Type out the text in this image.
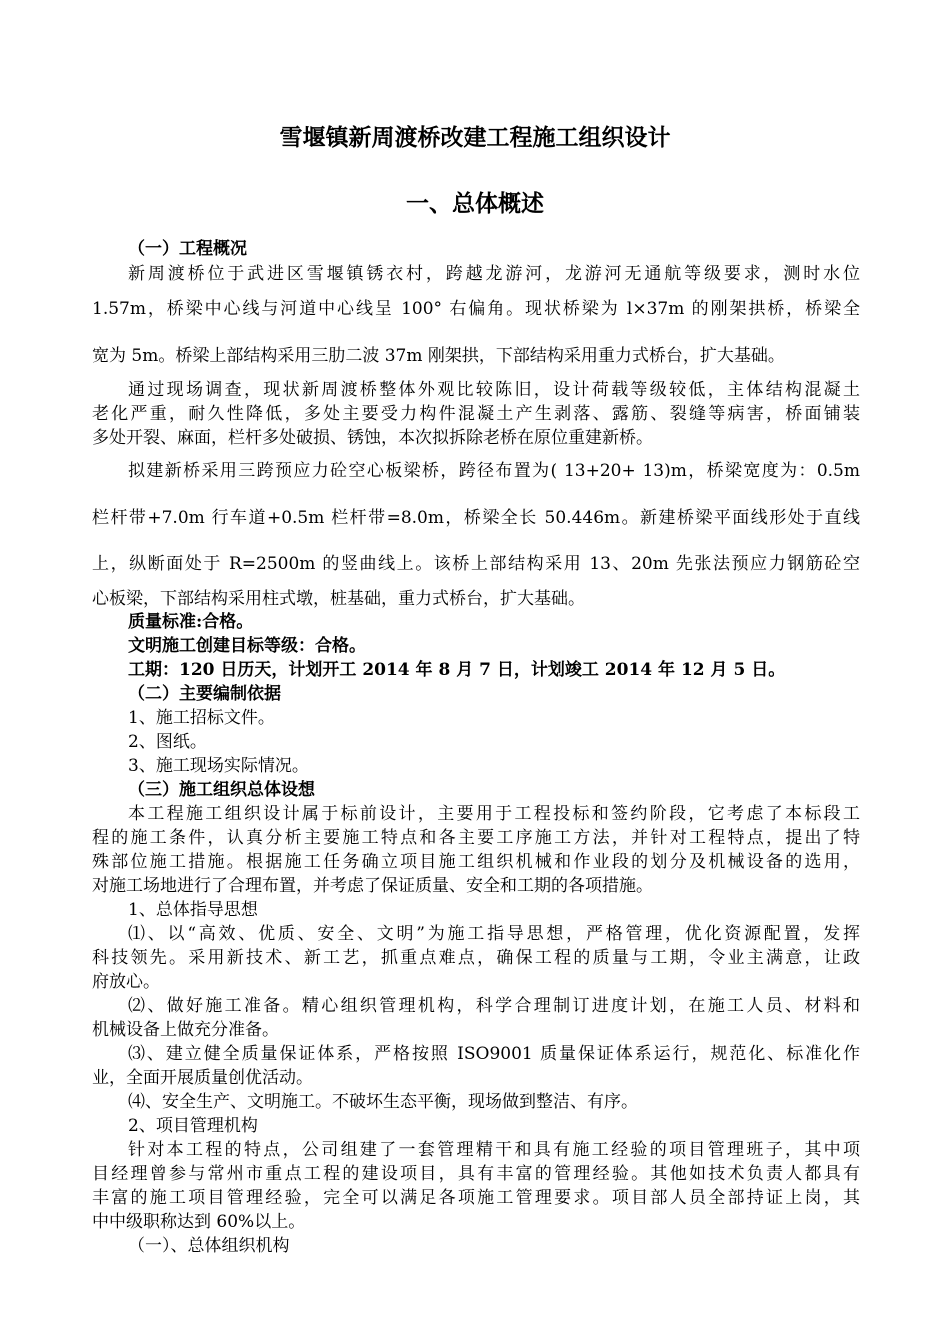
雪堰镇新周渡桥改建工程施工组织设计
一、总体概述
（一）工程概况
新周渡桥位于武进区雪堰镇锈衣村，跨越龙游河，龙游河无通航等级要求，测时水位
1.57m，桥梁中心线与河道中心线呈 100° 右偏角。现状桥梁为 l×37m 的刚架拱桥，桥梁全
宽为 5m。桥梁上部结构采用三肋二波 37m 刚架拱，下部结构采用重力式桥台，扩大基础。
通过现场调查，现状新周渡桥整体外观比较陈旧，设计荷载等级较低，主体结构混凝土
老化严重，耐久性降低，多处主要受力构件混凝土产生剥落、露筋、裂缝等病害，桥面铺装
多处开裂、麻面，栏杆多处破损、锈蚀，本次拟拆除老桥在原位重建新桥。
拟建新桥采用三跨预应力砼空心板梁桥，跨径布置为( 13+20+ 13)m，桥梁宽度为：0.5m
栏杆带+7.0m 行车道+0.5m 栏杆带=8.0m，桥梁全长 50.446m。新建桥梁平面线形处于直线
上，纵断面处于 R=2500m 的竖曲线上。该桥上部结构采用 13、20m 先张法预应力钢筋砼空
心板梁，下部结构采用柱式墩，桩基础，重力式桥台，扩大基础。
质量标准:合格。
文明施工创建目标等级：合格。
工期：120 日历天，计划开工 2014 年 8 月 7 日，计划竣工 2014 年 12 月 5 日。
（二）主要编制依据
1、施工招标文件。
2、图纸。
3、施工现场实际情况。
（三）施工组织总体设想
本工程施工组织设计属于标前设计，主要用于工程投标和签约阶段，它考虑了本标段工
程的施工条件，认真分析主要施工特点和各主要工序施工方法，并针对工程特点，提出了特
殊部位施工措施。根据施工任务确立项目施工组织机械和作业段的划分及机械设备的选用，
对施工场地进行了合理布置，并考虑了保证质量、安全和工期的各项措施。
1、总体指导思想
⑴、以“高效、优质、安全、文明”为施工指导思想，严格管理，优化资源配置，发挥
科技领先。采用新技术、新工艺，抓重点难点，确保工程的质量与工期，令业主满意，让政
府放心。
⑵、做好施工准备。精心组织管理机构，科学合理制订进度计划，在施工人员、材料和
机械设备上做充分准备。
⑶、建立健全质量保证体系，严格按照 ISO9001 质量保证体系运行，规范化、标准化作
业，全面开展质量创优活动。
⑷、安全生产、文明施工。不破坏生态平衡，现场做到整洁、有序。
2、项目管理机构
针对本工程的特点，公司组建了一套管理精干和具有施工经验的项目管理班子，其中项
目经理曾参与常州市重点工程的建设项目，具有丰富的管理经验。其他如技术负责人都具有
丰富的施工项目管理经验，完全可以满足各项施工管理要求。项目部人员全部持证上岗，其
中中级职称达到 60%以上。
（一）、总体组织机构
